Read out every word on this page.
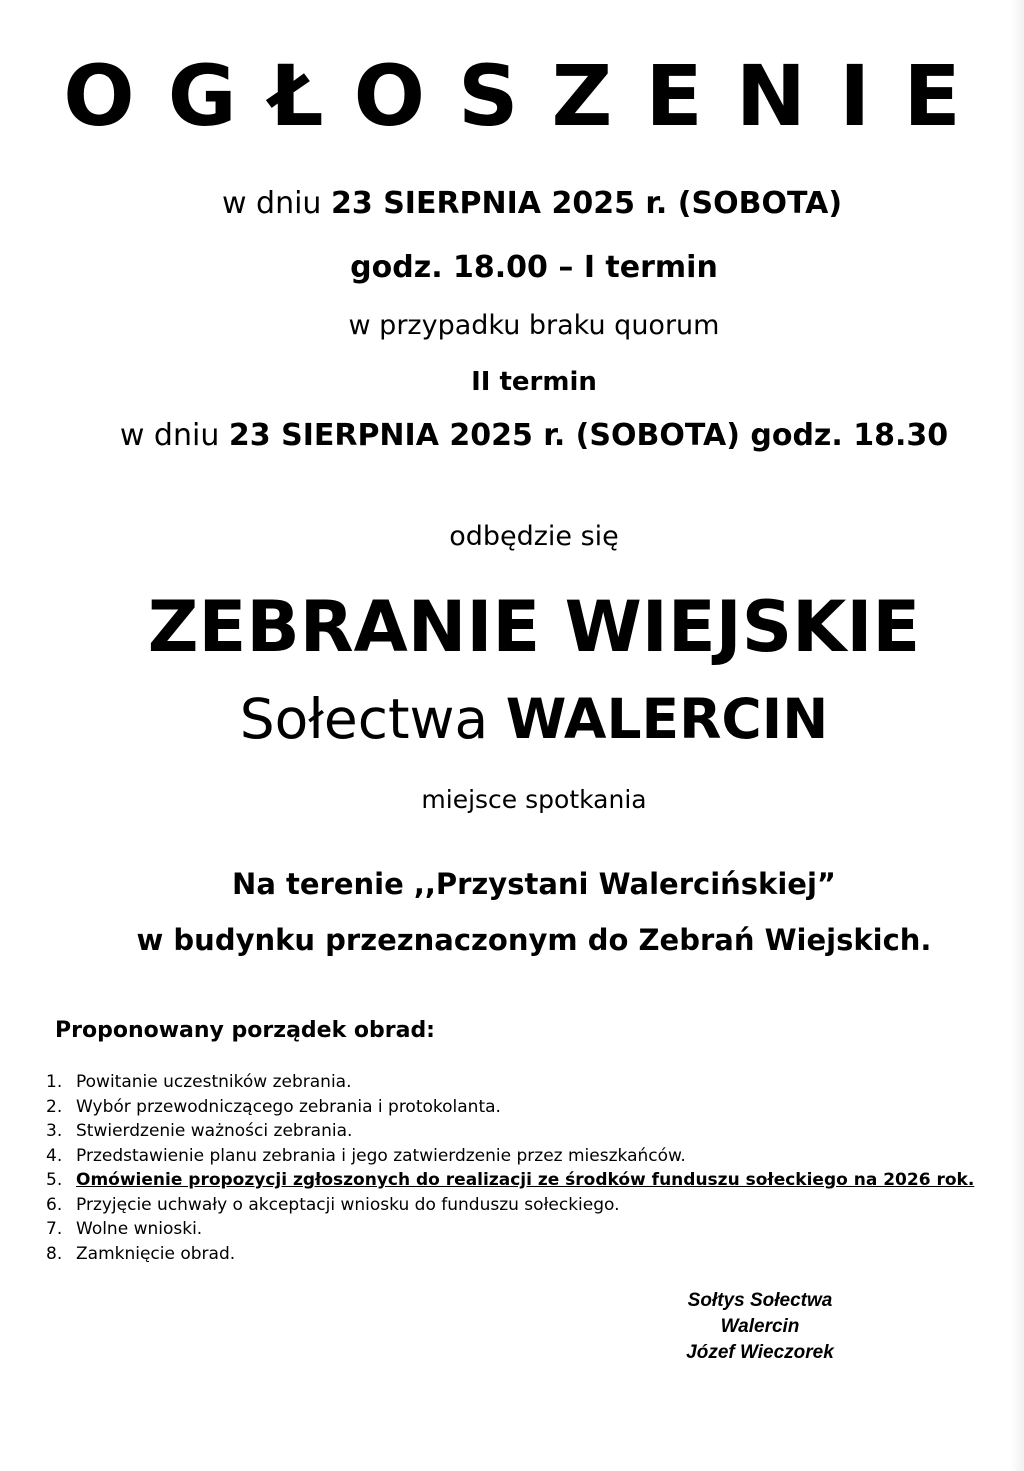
OGŁOSZENIE
w dniu 23 SIERPNIA 2025 r. (SOBOTA)
godz. 18.00 – I termin
w przypadku braku quorum
II termin
w dniu 23 SIERPNIA 2025 r. (SOBOTA) godz. 18.30
odbędzie się
ZEBRANIE WIEJSKIE
Sołectwa WALERCIN
miejsce spotkania
Na terenie ,,Przystani Walercińskiej”
w budynku przeznaczonym do Zebrań Wiejskich.
Proponowany porządek obrad:
1. Powitanie uczestników zebrania.
2. Wybór przewodniczącego zebrania i protokolanta.
3. Stwierdzenie ważności zebrania.
4. Przedstawienie planu zebrania i jego zatwierdzenie przez mieszkańców.
5. Omówienie propozycji zgłoszonych do realizacji ze środków funduszu sołeckiego na 2026 rok.
6. Przyjęcie uchwały o akceptacji wniosku do funduszu sołeckiego.
7. Wolne wnioski.
8. Zamknięcie obrad.
Sołtys Sołectwa
Walercin
Józef Wieczorek
